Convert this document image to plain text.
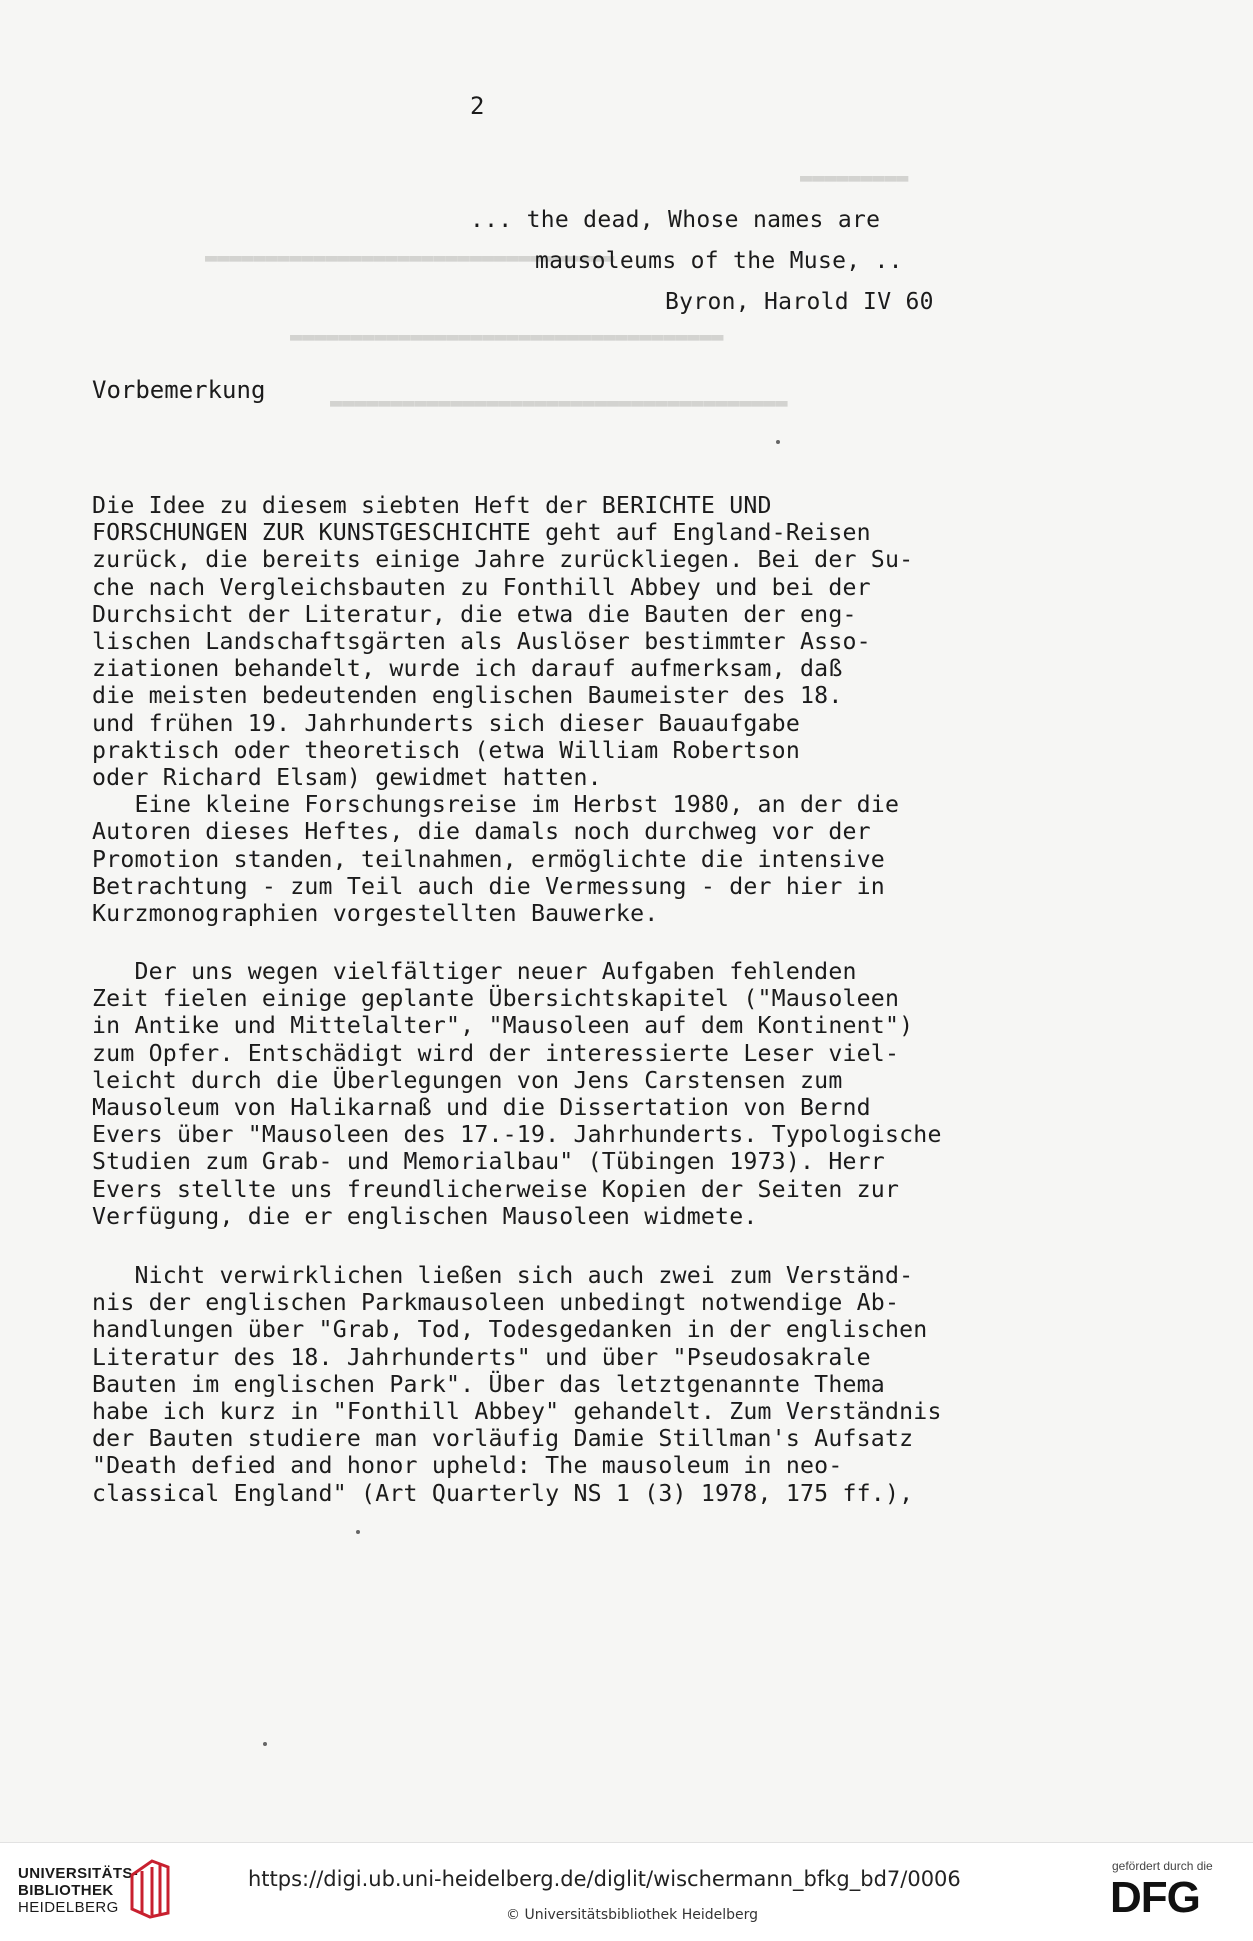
▬▬▬▬▬▬▬▬▬
▬▬▬▬▬▬▬▬▬▬▬▬▬▬▬▬▬▬▬▬▬▬▬▬▬▬▬▬▬▬▬▬▬▬
▬▬▬▬▬▬▬▬▬▬▬▬▬▬▬▬▬▬▬▬▬▬▬▬▬▬▬▬▬▬▬▬▬▬▬▬
▬▬▬▬▬▬▬▬▬▬▬▬▬▬▬▬▬▬▬▬▬▬▬▬▬▬▬▬▬▬▬▬▬▬▬▬▬▬
2
... the dead, Whose names are
mausoleums of the Muse, ..
Byron, Harold IV 60
Vorbemerkung
Die Idee zu diesem siebten Heft der BERICHTE UND
FORSCHUNGEN ZUR KUNSTGESCHICHTE geht auf England-Reisen
zurück, die bereits einige Jahre zurückliegen. Bei der Su-
che nach Vergleichsbauten zu Fonthill Abbey und bei der
Durchsicht der Literatur, die etwa die Bauten der eng-
lischen Landschaftsgärten als Auslöser bestimmter Asso-
ziationen behandelt, wurde ich darauf aufmerksam, daß
die meisten bedeutenden englischen Baumeister des 18.
und frühen 19. Jahrhunderts sich dieser Bauaufgabe
praktisch oder theoretisch (etwa William Robertson
oder Richard Elsam) gewidmet hatten.
Eine kleine Forschungsreise im Herbst 1980, an der die
Autoren dieses Heftes, die damals noch durchweg vor der
Promotion standen, teilnahmen, ermöglichte die intensive
Betrachtung - zum Teil auch die Vermessung - der hier in
Kurzmonographien vorgestellten Bauwerke.
Der uns wegen vielfältiger neuer Aufgaben fehlenden
Zeit fielen einige geplante Übersichtskapitel ("Mausoleen
in Antike und Mittelalter", "Mausoleen auf dem Kontinent")
zum Opfer. Entschädigt wird der interessierte Leser viel-
leicht durch die Überlegungen von Jens Carstensen zum
Mausoleum von Halikarnaß und die Dissertation von Bernd
Evers über "Mausoleen des 17.-19. Jahrhunderts. Typologische
Studien zum Grab- und Memorialbau" (Tübingen 1973). Herr
Evers stellte uns freundlicherweise Kopien der Seiten zur
Verfügung, die er englischen Mausoleen widmete.
Nicht verwirklichen ließen sich auch zwei zum Verständ-
nis der englischen Parkmausoleen unbedingt notwendige Ab-
handlungen über "Grab, Tod, Todesgedanken in der englischen
Literatur des 18. Jahrhunderts" und über "Pseudosakrale
Bauten im englischen Park". Über das letztgenannte Thema
habe ich kurz in "Fonthill Abbey" gehandelt. Zum Verständnis
der Bauten studiere man vorläufig Damie Stillman's Aufsatz
"Death defied and honor upheld: The mausoleum in neo-
classical England" (Art Quarterly NS 1 (3) 1978, 175 ff.),
UNIVERSITÄTS-
BIBLIOTHEK
HEIDELBERG
https://digi.ub.uni-heidelberg.de/diglit/wischermann_bfkg_bd7/0006
© Universitätsbibliothek Heidelberg
gefördert durch die
DFG
